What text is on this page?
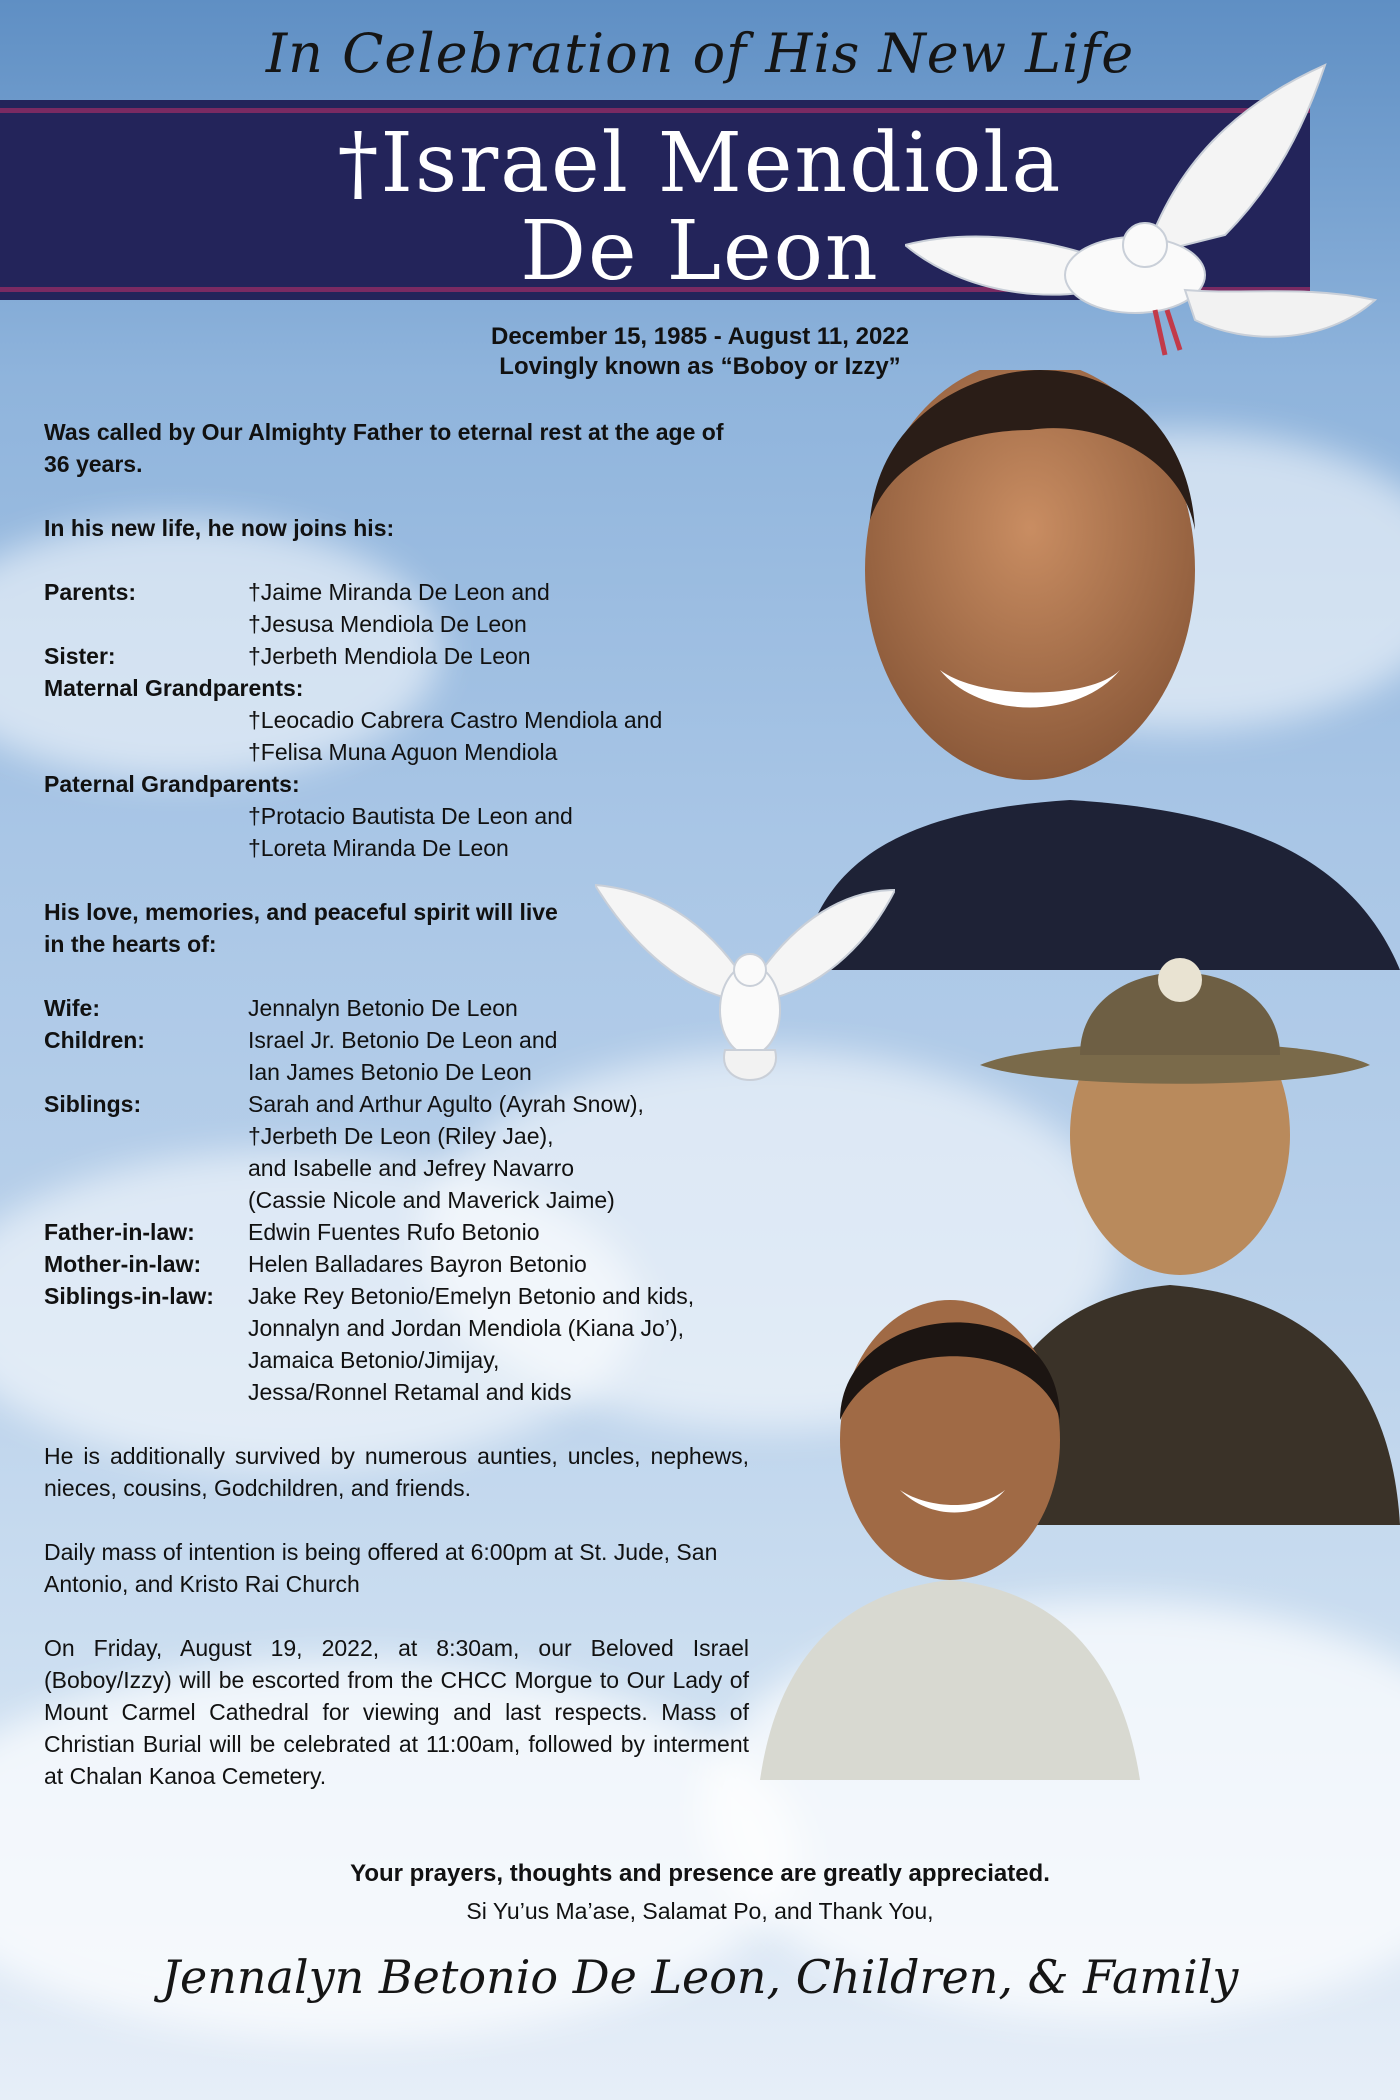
In Celebration of His New Life
†Israel Mendiola
De Leon
December 15, 1985 - August 11, 2022
Lovingly known as “Boboy or Izzy”

Was called by Our Almighty Father to eternal rest at the age of 36 years.

In his new life, he now joins his:

Parents:	†Jaime Miranda De Leon and
†Jesusa Mendiola De Leon
Sister:	†Jerbeth Mendiola De Leon
Maternal Grandparents:
†Leocadio Cabrera Castro Mendiola and
†Felisa Muna Aguon Mendiola
Paternal Grandparents:
†Protacio Bautista De Leon and
†Loreta Miranda De Leon

His love, memories, and peaceful spirit will live in the hearts of:

Wife:	Jennalyn Betonio De Leon
Children:	Israel Jr. Betonio De Leon and
Ian James Betonio De Leon
Siblings:	Sarah and Arthur Agulto (Ayrah Snow),
†Jerbeth De Leon (Riley Jae),
and Isabelle and Jefrey Navarro
(Cassie Nicole and Maverick Jaime)
Father-in-law:	Edwin Fuentes Rufo Betonio
Mother-in-law:	Helen Balladares Bayron Betonio
Siblings-in-law:	Jake Rey Betonio/Emelyn Betonio and kids,
Jonnalyn and Jordan Mendiola (Kiana Jo’),
Jamaica Betonio/Jimijay,
Jessa/Ronnel Retamal and kids

He is additionally survived by numerous aunties, uncles, nephews, nieces, cousins, Godchildren, and friends.

Daily mass of intention is being offered at 6:00pm at St. Jude, San Antonio, and Kristo Rai Church

On Friday, August 19, 2022, at 8:30am, our Beloved Israel (Boboy/Izzy) will be escorted from the CHCC Morgue to Our Lady of Mount Carmel Cathedral for viewing and last respects. Mass of Christian Burial will be celebrated at 11:00am, followed by interment at Chalan Kanoa Cemetery.

Your prayers, thoughts and presence are greatly appreciated.
Si Yu’us Ma’ase, Salamat Po, and Thank You,
Jennalyn Betonio De Leon, Children, & Family
